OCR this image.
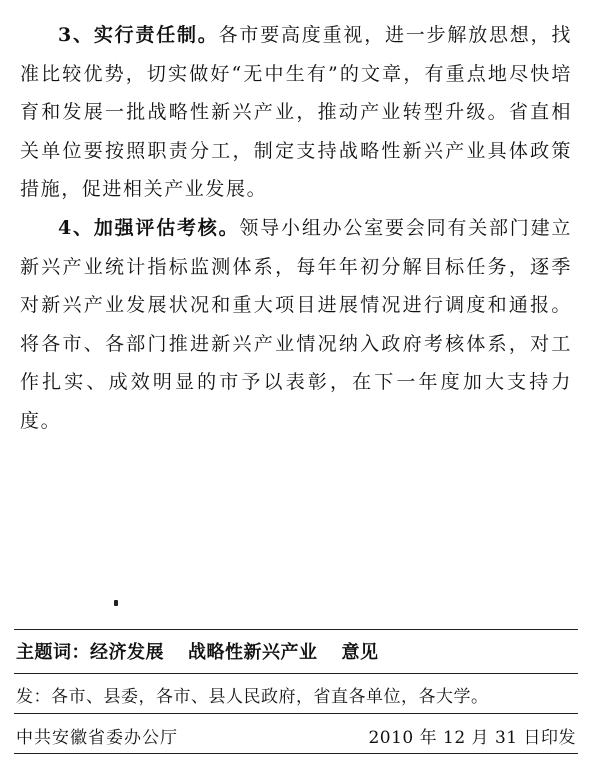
3、实行责任制。各市要高度重视，进一步解放思想，找准比较优势，切实做好“无中生有”的文章，有重点地尽快培育和发展一批战略性新兴产业，推动产业转型升级。省直相关单位要按照职责分工，制定支持战略性新兴产业具体政策措施，促进相关产业发展。

4、加强评估考核。领导小组办公室要会同有关部门建立新兴产业统计指标监测体系，每年年初分解目标任务，逐季对新兴产业发展状况和重大项目进展情况进行调度和通报。将各市、各部门推进新兴产业情况纳入政府考核体系，对工作扎实、成效明显的市予以表彰，在下一年度加大支持力度。

主题词：经济发展 战略性新兴产业 意见
发：各市、县委，各市、县人民政府，省直各单位，各大学。
中共安徽省委办公厅	2010 年 12 月 31 日印发
